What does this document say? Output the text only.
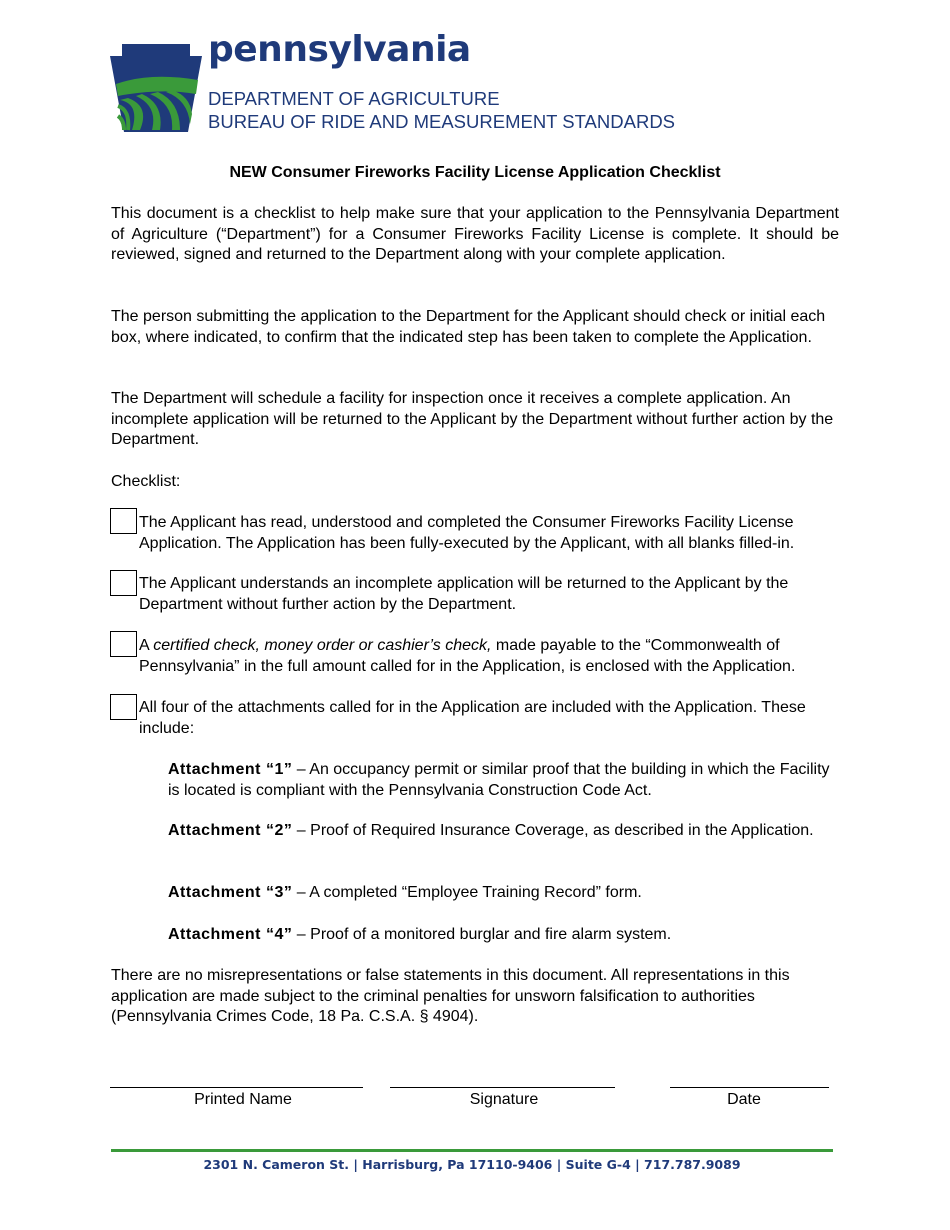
pennsylvania
DEPARTMENT OF AGRICULTURE
BUREAU OF RIDE AND MEASUREMENT STANDARDS
NEW Consumer Fireworks Facility License Application Checklist
This document is a checklist to help make sure that your application to the Pennsylvania Department of Agriculture (“Department”) for a Consumer Fireworks Facility License is complete. It should be reviewed, signed and returned to the Department along with your complete application.
The person submitting the application to the Department for the Applicant should check or initial each box, where indicated, to confirm that the indicated step has been taken to complete the Application.
The Department will schedule a facility for inspection once it receives a complete application. An incomplete application will be returned to the Applicant by the Department without further action by the Department.
Checklist:
The Applicant has read, understood and completed the Consumer Fireworks Facility License Application. The Application has been fully-executed by the Applicant, with all blanks filled-in.
The Applicant understands an incomplete application will be returned to the Applicant by the Department without further action by the Department.
A certified check, money order or cashier’s check, made payable to the “Commonwealth of Pennsylvania” in the full amount called for in the Application, is enclosed with the Application.
All four of the attachments called for in the Application are included with the Application. These include:
Attachment “1” – An occupancy permit or similar proof that the building in which the Facility is located is compliant with the Pennsylvania Construction Code Act.
Attachment “2” – Proof of Required Insurance Coverage, as described in the Application.
Attachment “3” – A completed “Employee Training Record” form.
Attachment “4” – Proof of a monitored burglar and fire alarm system.
There are no misrepresentations or false statements in this document. All representations in this application are made subject to the criminal penalties for unsworn falsification to authorities (Pennsylvania Crimes Code, 18 Pa. C.S.A. § 4904).
Printed Name	Signature	Date
2301 N. Cameron St. | Harrisburg, Pa 17110-9406 | Suite G-4 | 717.787.9089
